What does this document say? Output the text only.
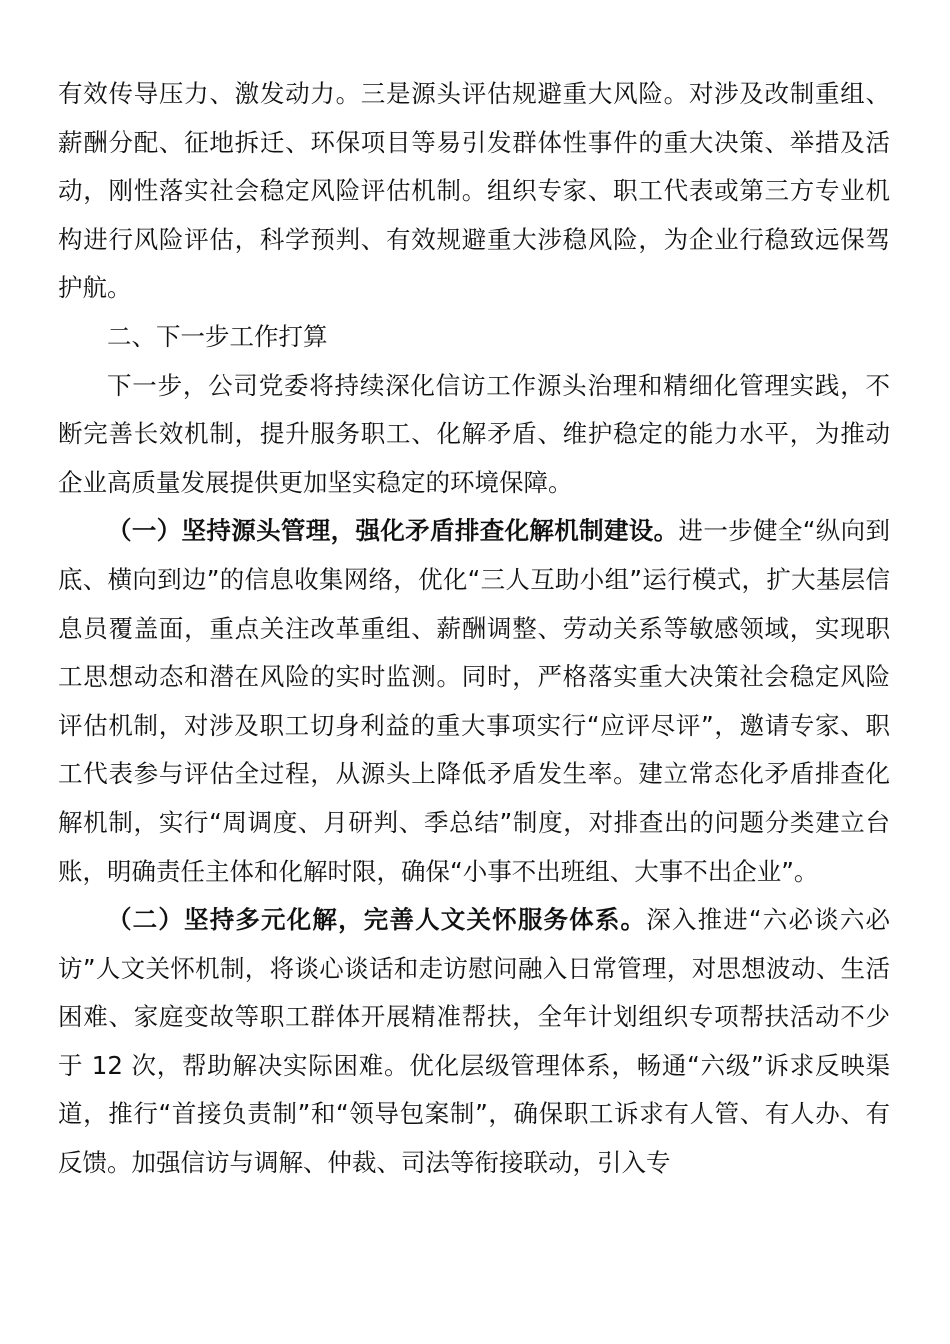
有效传导压力、激发动力。三是源头评估规避重大风险。对涉及改制重组、薪酬分配、征地拆迁、环保项目等易引发群体性事件的重大决策、举措及活动，刚性落实社会稳定风险评估机制。组织专家、职工代表或第三方专业机构进行风险评估，科学预判、有效规避重大涉稳风险，为企业行稳致远保驾护航。

二、下一步工作打算

下一步，公司党委将持续深化信访工作源头治理和精细化管理实践，不断完善长效机制，提升服务职工、化解矛盾、维护稳定的能力水平，为推动企业高质量发展提供更加坚实稳定的环境保障。

（一）坚持源头管理，强化矛盾排查化解机制建设。进一步健全“纵向到底、横向到边”的信息收集网络，优化“三人互助小组”运行模式，扩大基层信息员覆盖面，重点关注改革重组、薪酬调整、劳动关系等敏感领域，实现职工思想动态和潜在风险的实时监测。同时，严格落实重大决策社会稳定风险评估机制，对涉及职工切身利益的重大事项实行“应评尽评”，邀请专家、职工代表参与评估全过程，从源头上降低矛盾发生率。建立常态化矛盾排查化解机制，实行“周调度、月研判、季总结”制度，对排查出的问题分类建立台账，明确责任主体和化解时限，确保“小事不出班组、大事不出企业”。

（二）坚持多元化解，完善人文关怀服务体系。深入推进“六必谈六必访”人文关怀机制，将谈心谈话和走访慰问融入日常管理，对思想波动、生活困难、家庭变故等职工群体开展精准帮扶，全年计划组织专项帮扶活动不少于 12 次，帮助解决实际困难。优化层级管理体系，畅通“六级”诉求反映渠道，推行“首接负责制”和“领导包案制”，确保职工诉求有人管、有人办、有反馈。加强信访与调解、仲裁、司法等衔接联动，引入专
